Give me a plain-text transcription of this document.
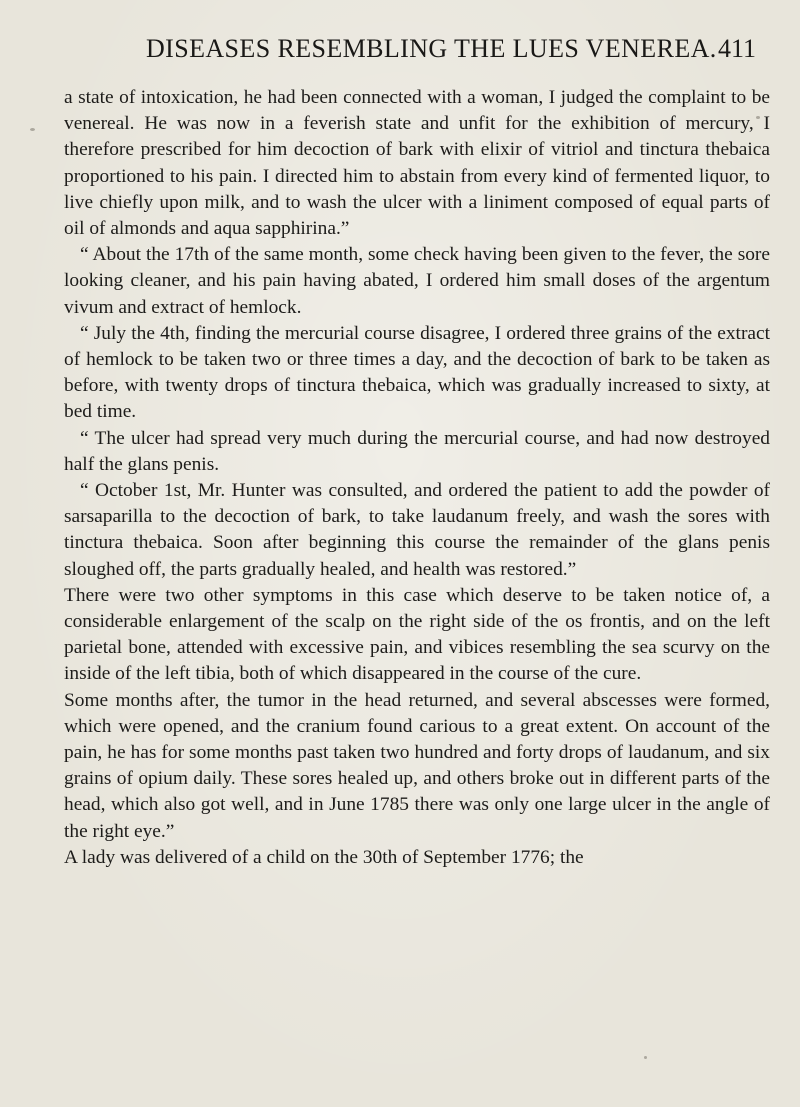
DISEASES RESEMBLING THE LUES VENEREA. 411

a state of intoxication, he had been connected with a woman, I judged the complaint to be venereal. He was now in a feverish state and unfit for the exhibition of mercury, I therefore prescribed for him decoction of bark with elixir of vitriol and tinctura thebaica proportioned to his pain. I directed him to abstain from every kind of fermented liquor, to live chiefly upon milk, and to wash the ulcer with a liniment composed of equal parts of oil of almonds and aqua sapphirina.”

“ About the 17th of the same month, some check having been given to the fever, the sore looking cleaner, and his pain having abated, I ordered him small doses of the argentum vivum and extract of hemlock.

“ July the 4th, finding the mercurial course disagree, I ordered three grains of the extract of hemlock to be taken two or three times a day, and the decoction of bark to be taken as before, with twenty drops of tinctura thebaica, which was gradually increased to sixty, at bed time.

“ The ulcer had spread very much during the mercurial course, and had now destroyed half the glans penis.

“ October 1st, Mr. Hunter was consulted, and ordered the patient to add the powder of sarsaparilla to the decoction of bark, to take laudanum freely, and wash the sores with tinctura thebaica. Soon after beginning this course the remainder of the glans penis sloughed off, the parts gradually healed, and health was restored.”

There were two other symptoms in this case which deserve to be taken notice of, a considerable enlargement of the scalp on the right side of the os frontis, and on the left parietal bone, attended with excessive pain, and vibices resembling the sea scurvy on the inside of the left tibia, both of which disappeared in the course of the cure.

Some months after, the tumor in the head returned, and several abscesses were formed, which were opened, and the cranium found carious to a great extent. On account of the pain, he has for some months past taken two hundred and forty drops of laudanum, and six grains of opium daily. These sores healed up, and others broke out in different parts of the head, which also got well, and in June 1785 there was only one large ulcer in the angle of the right eye.”

A lady was delivered of a child on the 30th of September 1776; the
